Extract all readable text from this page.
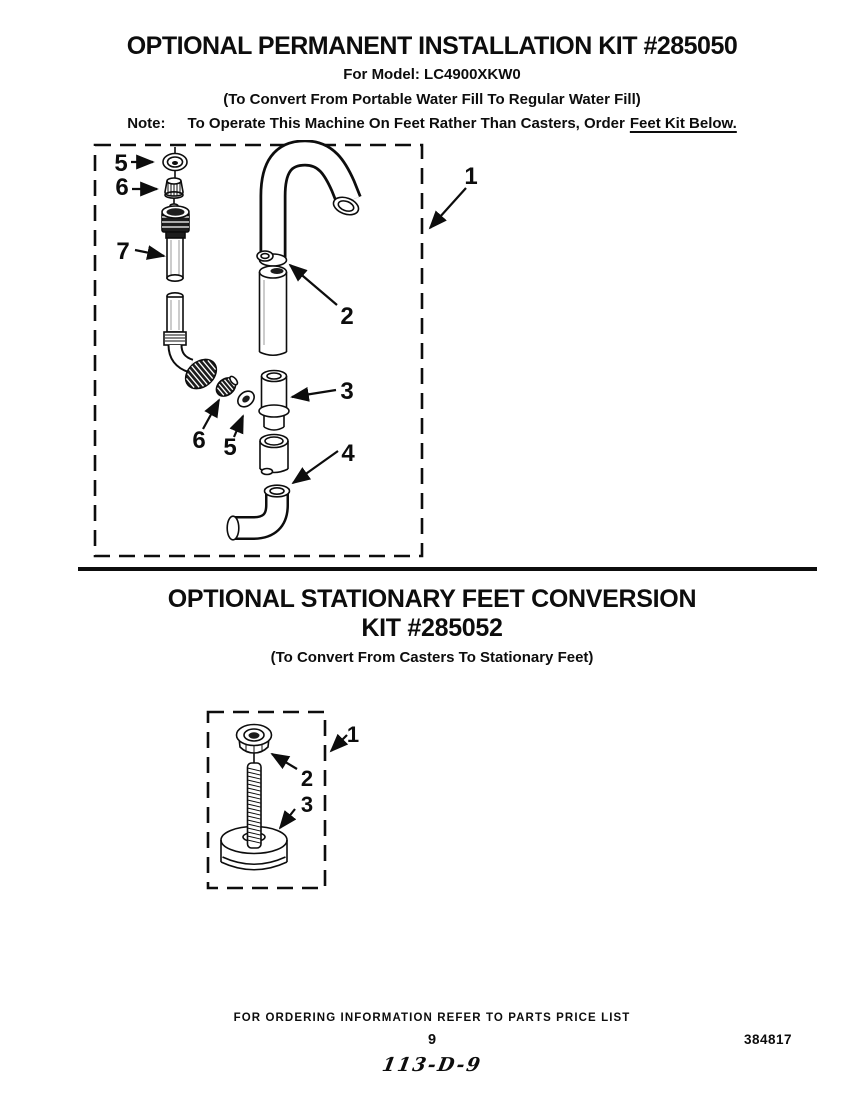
OPTIONAL PERMANENT INSTALLATION KIT #285050
For Model: LC4900XKW0
(To Convert From Portable Water Fill To Regular Water Fill)
Note: To Operate This Machine On Feet Rather Than Casters, Order Feet Kit Below.
5
6
7
1
2
3
4
6 5
OPTIONAL STATIONARY FEET CONVERSION
KIT #285052
(To Convert From Casters To Stationary Feet)
1
2
3
FOR ORDERING INFORMATION REFER TO PARTS PRICE LIST
9	384817
113-D-9
